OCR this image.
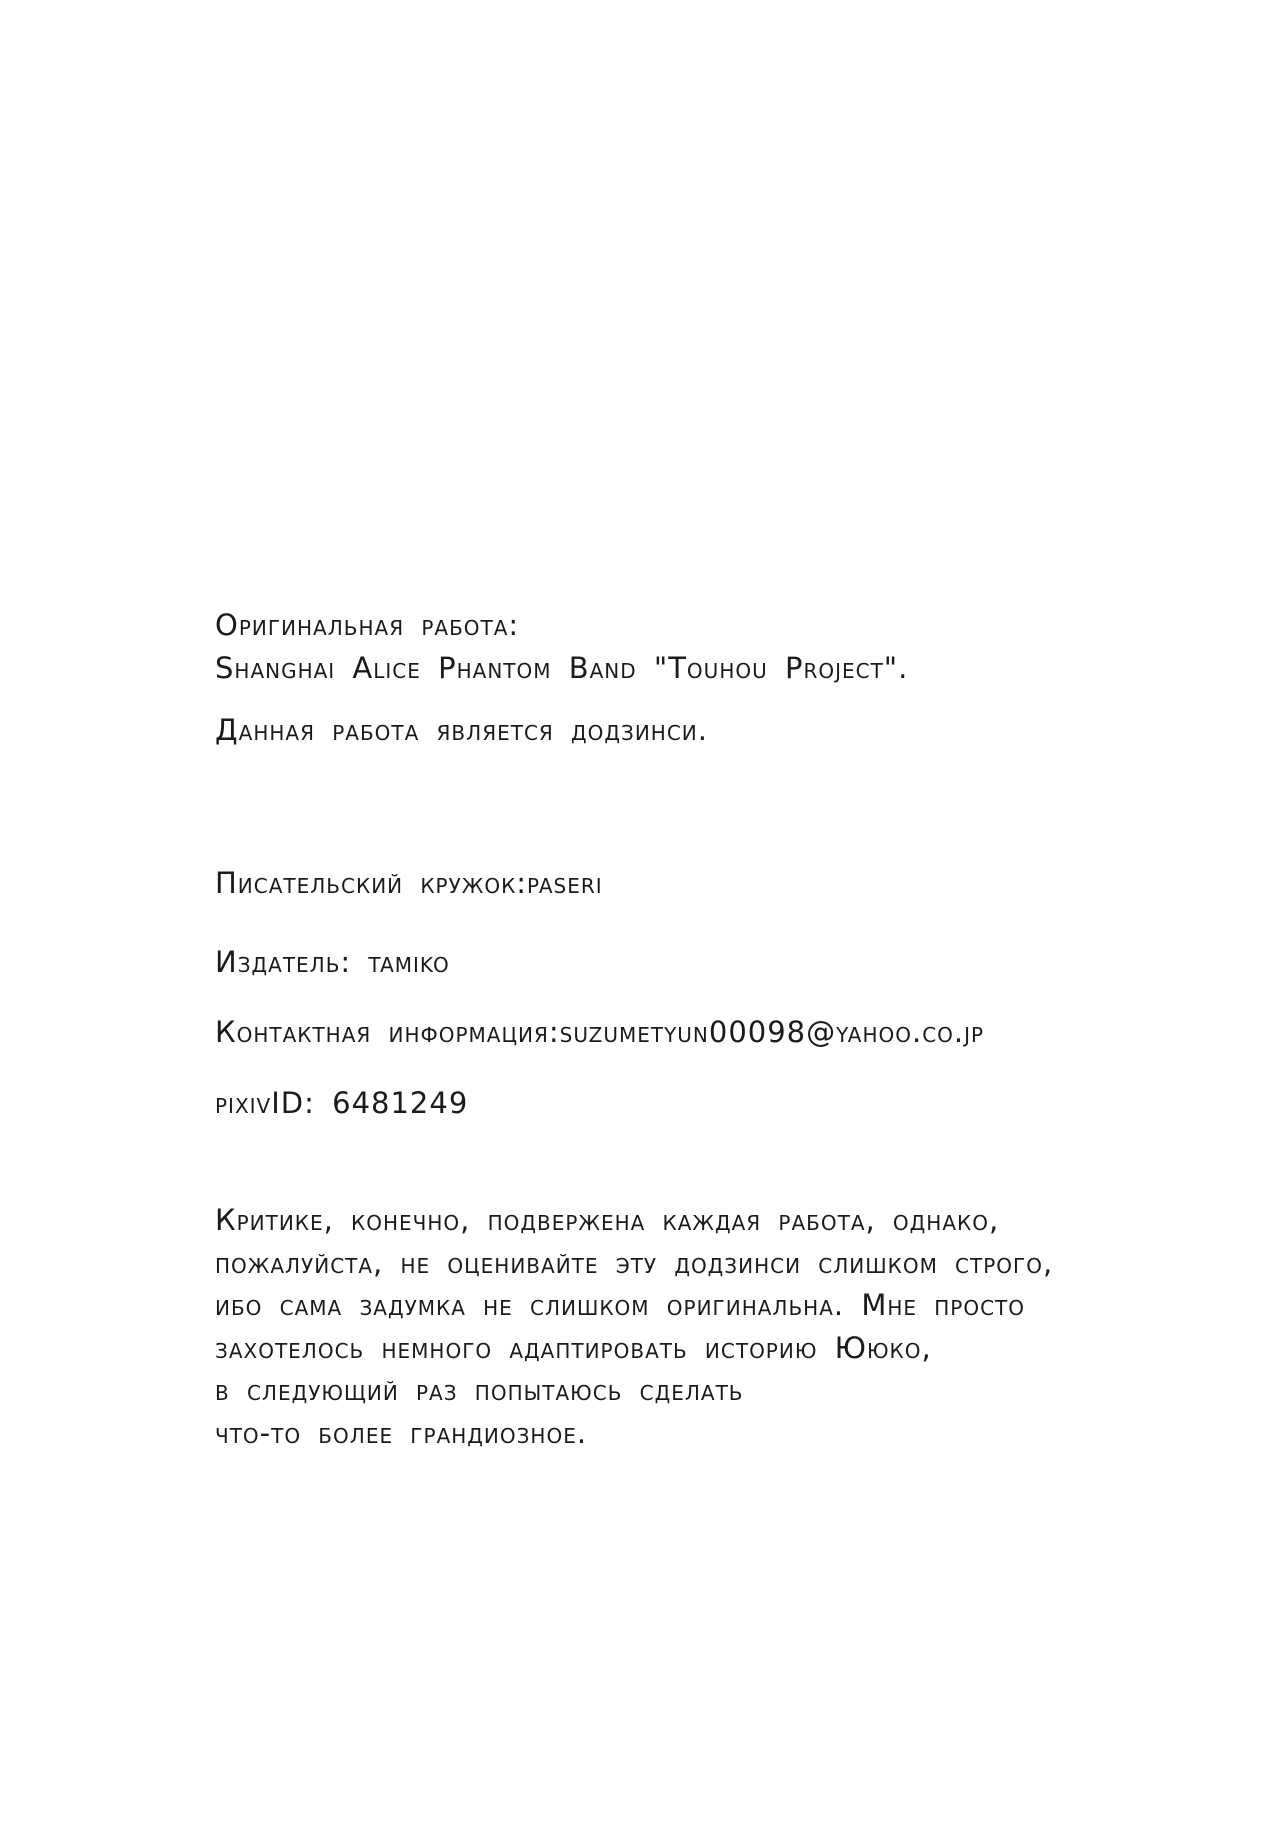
Оригинальная работа:
Shanghai Alice Phantom Band "Touhou Project".
Данная работа является додзинси.
Писательский кружок:paseri
Издатель: tamiko
Контактная информация:suzumetyun00098@yahoo.co.jp
pixivID: 6481249
Критике, конечно, подвержена каждая работа, однако,
пожалуйста, не оценивайте эту додзинси слишком строго,
ибо сама задумка не слишком оригинальна. Мне просто
захотелось немного адаптировать историю Ююко,
в следующий раз попытаюсь сделать
что-то более грандиозное.
